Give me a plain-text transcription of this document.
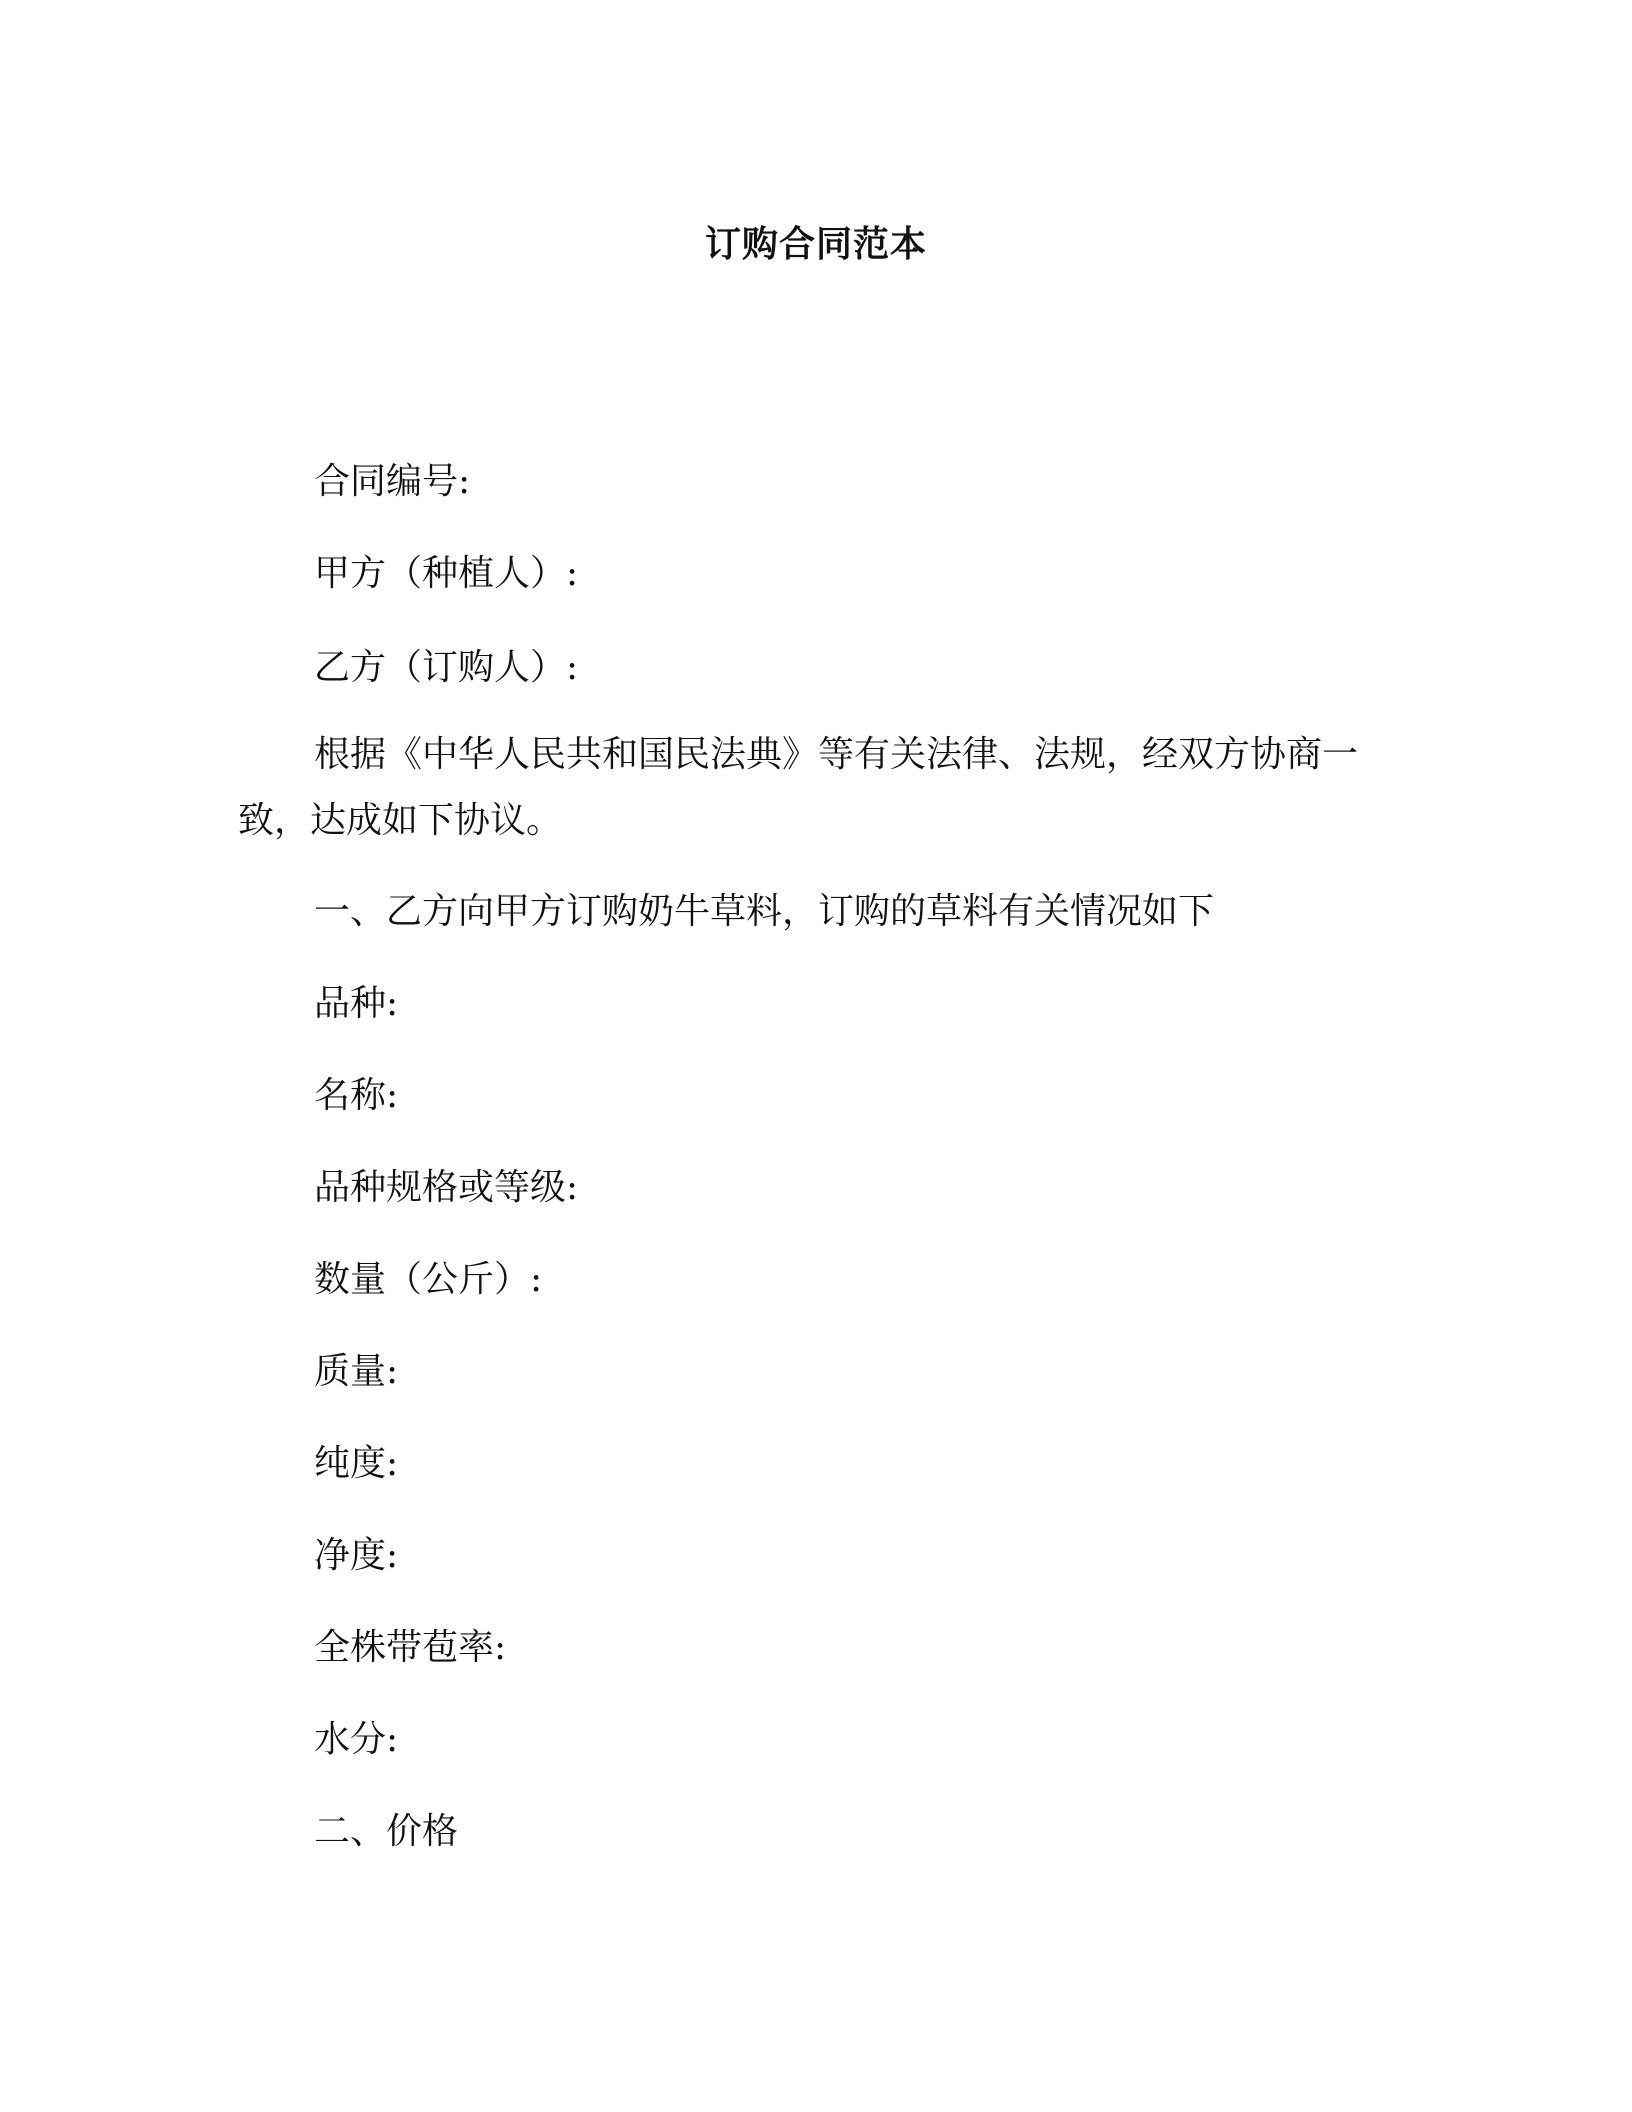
订购合同范本
合同编号:
甲方（种植人）:
乙方（订购人）:
根据《中华人民共和国民法典》等有关法律、法规，经双方协商一致，达成如下协议。
一、乙方向甲方订购奶牛草料，订购的草料有关情况如下
品种:
名称:
品种规格或等级:
数量（公斤）:
质量:
纯度:
净度:
全株带苞率:
水分:
二、价格
